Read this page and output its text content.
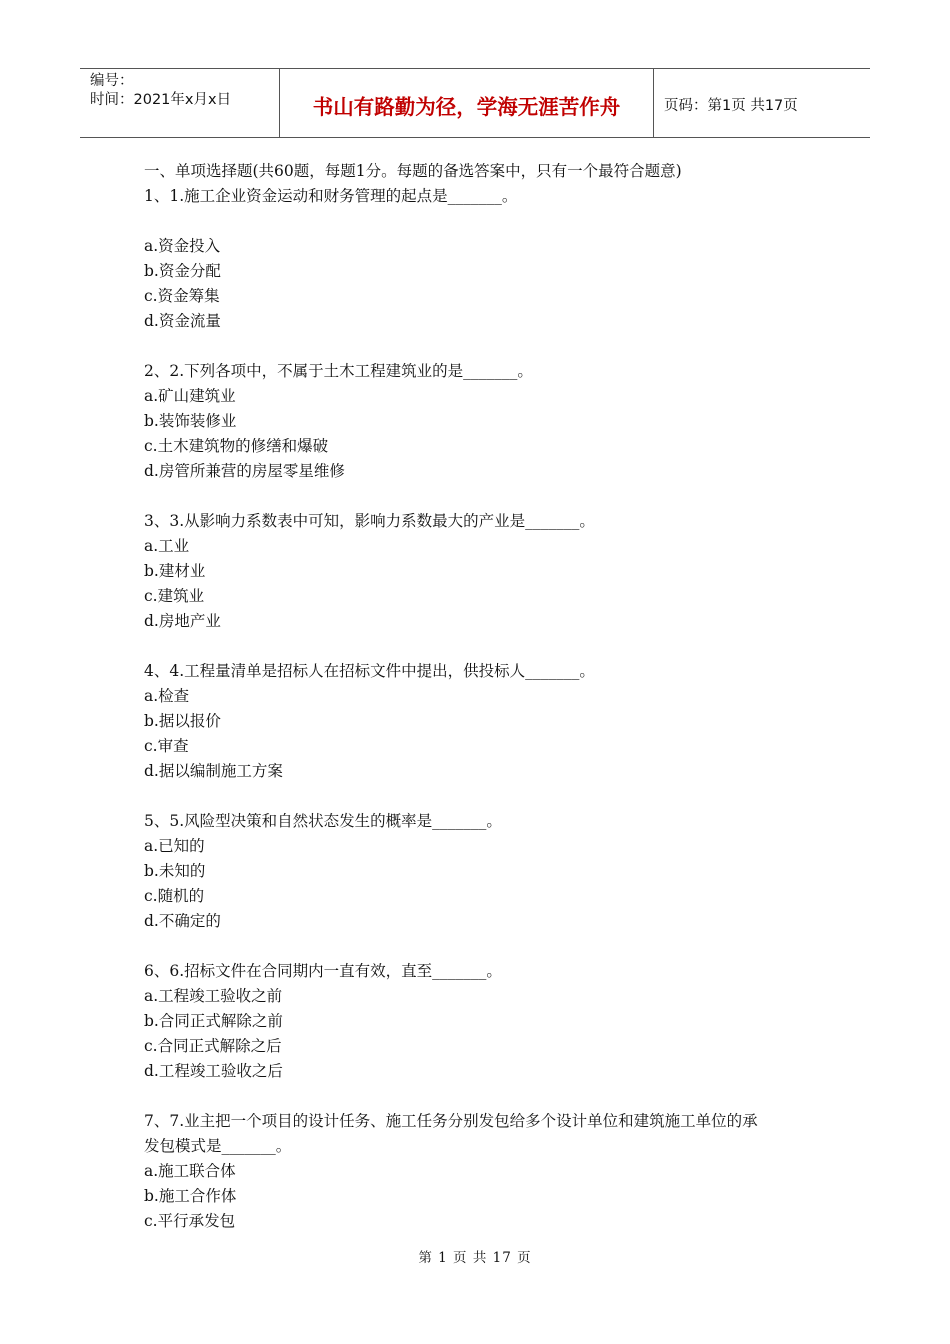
编号：
时间：2021年x月x日	书山有路勤为径，学海无涯苦作舟	页码：第1页 共17页
一、单项选择题(共60题，每题1分。每题的备选答案中，只有一个最符合题意)
1、1.施工企业资金运动和财务管理的起点是_______。
a.资金投入
b.资金分配
c.资金筹集
d.资金流量
2、2.下列各项中，不属于土木工程建筑业的是_______。
a.矿山建筑业
b.装饰装修业
c.土木建筑物的修缮和爆破
d.房管所兼营的房屋零星维修
3、3.从影响力系数表中可知，影响力系数最大的产业是_______。
a.工业
b.建材业
c.建筑业
d.房地产业
4、4.工程量清单是招标人在招标文件中提出，供投标人_______。
a.检查
b.据以报价
c.审查
d.据以编制施工方案
5、5.风险型决策和自然状态发生的概率是_______。
a.已知的
b.未知的
c.随机的
d.不确定的
6、6.招标文件在合同期内一直有效，直至_______。
a.工程竣工验收之前
b.合同正式解除之前
c.合同正式解除之后
d.工程竣工验收之后
7、7.业主把一个项目的设计任务、施工任务分别发包给多个设计单位和建筑施工单位的承
发包模式是_______。
a.施工联合体
b.施工合作体
c.平行承发包
第 1 页 共 17 页
